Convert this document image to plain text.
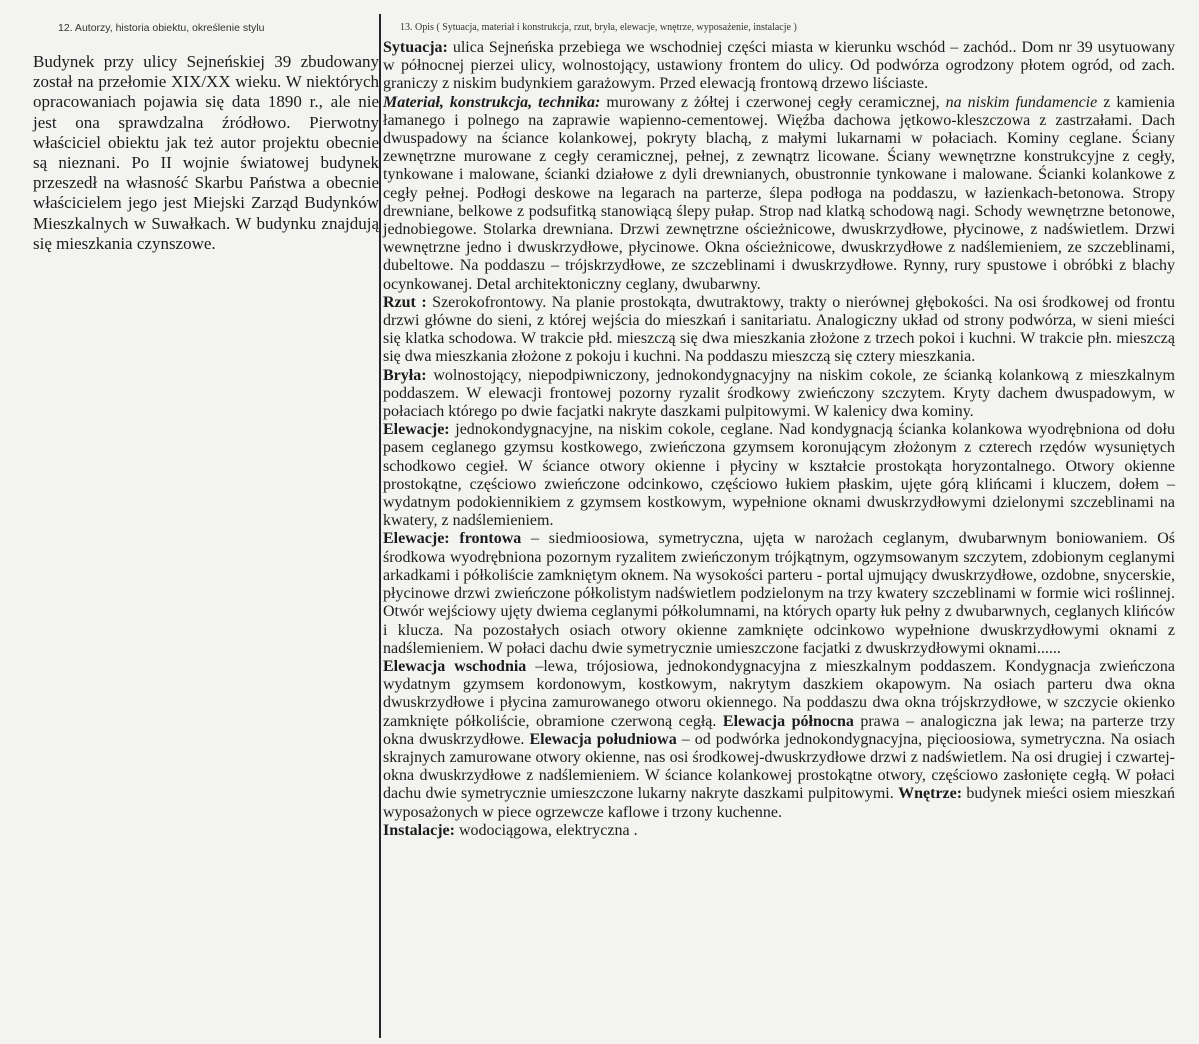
12. Autorzy, historia obiektu, określenie stylu	13. Opis ( Sytuacja, materiał i konstrukcja, rzut, bryła, elewacje, wnętrze, wyposażenie, instalacje )

Budynek przy ulicy Sejneńskiej 39 zbudowany został na przełomie XIX/XX wieku. W niektórych opracowaniach pojawia się data 1890 r., ale nie jest ona sprawdzalna źródłowo. Pierwotny właściciel obiektu jak też autor projektu obecnie są nieznani. Po II wojnie światowej budynek przeszedł na własność Skarbu Państwa a obecnie właścicielem jego jest Miejski Zarząd Budynków Mieszkalnych w Suwałkach. W budynku znajdują się mieszkania czynszowe.

Sytuacja: ulica Sejneńska przebiega we wschodniej części miasta w kierunku wschód – zachód.. Dom nr 39 usytuowany w północnej pierzei ulicy, wolnostojący, ustawiony frontem do ulicy. Od podwórza ogrodzony płotem ogród, od zach. graniczy z niskim budynkiem garażowym. Przed elewacją frontową drzewo liściaste.

Materiał, konstrukcja, technika: murowany z żółtej i czerwonej cegły ceramicznej, na niskim fundamencie z kamienia łamanego i polnego na zaprawie wapienno-cementowej. Więźba dachowa jętkowo-kleszczowa z zastrzałami. Dach dwuspadowy na ściance kolankowej, pokryty blachą, z małymi lukarnami w połaciach. Kominy ceglane. Ściany zewnętrzne murowane z cegły ceramicznej, pełnej, z zewnątrz licowane. Ściany wewnętrzne konstrukcyjne z cegły, tynkowane i malowane, ścianki działowe z dyli drewnianych, obustronnie tynkowane i malowane. Ścianki kolankowe z cegły pełnej. Podłogi deskowe na legarach na parterze, ślepa podłoga na poddaszu, w łazienkach-betonowa. Stropy drewniane, belkowe z podsufitką stanowiącą ślepy pułap. Strop nad klatką schodową nagi. Schody wewnętrzne betonowe, jednobiegowe. Stolarka drewniana. Drzwi zewnętrzne ościeżnicowe, dwuskrzydłowe, płycinowe, z nadświetlem. Drzwi wewnętrzne jedno i dwuskrzydłowe, płycinowe. Okna ościeżnicowe, dwuskrzydłowe z nadślemieniem, ze szczeblinami, dubeltowe. Na poddaszu – trójskrzydłowe, ze szczeblinami i dwuskrzydłowe. Rynny, rury spustowe i obróbki z blachy ocynkowanej. Detal architektoniczny ceglany, dwubarwny.

Rzut : Szerokofrontowy. Na planie prostokąta, dwutraktowy, trakty o nierównej głębokości. Na osi środkowej od frontu drzwi główne do sieni, z której wejścia do mieszkań i sanitariatu. Analogiczny układ od strony podwórza, w sieni mieści się klatka schodowa. W trakcie płd. mieszczą się dwa mieszkania złożone z trzech pokoi i kuchni. W trakcie płn. mieszczą się dwa mieszkania złożone z pokoju i kuchni. Na poddaszu mieszczą się cztery mieszkania.

Bryła: wolnostojący, niepodpiwniczony, jednokondygnacyjny na niskim cokole, ze ścianką kolankową z mieszkalnym poddaszem. W elewacji frontowej pozorny ryzalit środkowy zwieńczony szczytem. Kryty dachem dwuspadowym, w połaciach którego po dwie facjatki nakryte daszkami pulpitowymi. W kalenicy dwa kominy.

Elewacje: jednokondygnacyjne, na niskim cokole, ceglane. Nad kondygnacją ścianka kolankowa wyodrębniona od dołu pasem ceglanego gzymsu kostkowego, zwieńczona gzymsem koronującym złożonym z czterech rzędów wysuniętych schodkowo cegieł. W ściance otwory okienne i płyciny w kształcie prostokąta horyzontalnego. Otwory okienne prostokątne, częściowo zwieńczone odcinkowo, częściowo łukiem płaskim, ujęte górą klińcami i kluczem, dołem – wydatnym podokiennikiem z gzymsem kostkowym, wypełnione oknami dwuskrzydłowymi dzielonymi szczeblinami na kwatery, z nadślemieniem.

Elewacje: frontowa – siedmioosiowa, symetryczna, ujęta w narożach ceglanym, dwubarwnym boniowaniem. Oś środkowa wyodrębniona pozornym ryzalitem zwieńczonym trójkątnym, ogzymsowanym szczytem, zdobionym ceglanymi arkadkami i półkoliście zamkniętym oknem. Na wysokości parteru - portal ujmujący dwuskrzydłowe, ozdobne, snycerskie, płycinowe drzwi zwieńczone półkolistym nadświetlem podzielonym na trzy kwatery szczeblinami w formie wici roślinnej. Otwór wejściowy ujęty dwiema ceglanymi półkolumnami, na których oparty łuk pełny z dwubarwnych, ceglanych klińców i klucza. Na pozostałych osiach otwory okienne zamknięte odcinkowo wypełnione dwuskrzydłowymi oknami z nadślemieniem. W połaci dachu dwie symetrycznie umieszczone facjatki z dwuskrzydłowymi oknami......

Elewacja wschodnia –lewa, trójosiowa, jednokondygnacyjna z mieszkalnym poddaszem. Kondygnacja zwieńczona wydatnym gzymsem kordonowym, kostkowym, nakrytym daszkiem okapowym. Na osiach parteru dwa okna dwuskrzydłowe i płycina zamurowanego otworu okiennego. Na poddaszu dwa okna trójskrzydłowe, w szczycie okienko zamknięte półkoliście, obramione czerwoną cegłą. Elewacja północna prawa – analogiczna jak lewa; na parterze trzy okna dwuskrzydłowe. Elewacja południowa – od podwórka jednokondygnacyjna, pięcioosiowa, symetryczna. Na osiach skrajnych zamurowane otwory okienne, nas osi środkowej-dwuskrzydłowe drzwi z nadświetlem. Na osi drugiej i czwartej-okna dwuskrzydłowe z nadślemieniem. W ściance kolankowej prostokątne otwory, częściowo zasłonięte cegłą. W połaci dachu dwie symetrycznie umieszczone lukarny nakryte daszkami pulpitowymi. Wnętrze: budynek mieści osiem mieszkań wyposażonych w piece ogrzewcze kaflowe i trzony kuchenne.

Instalacje: wodociągowa, elektryczna .
